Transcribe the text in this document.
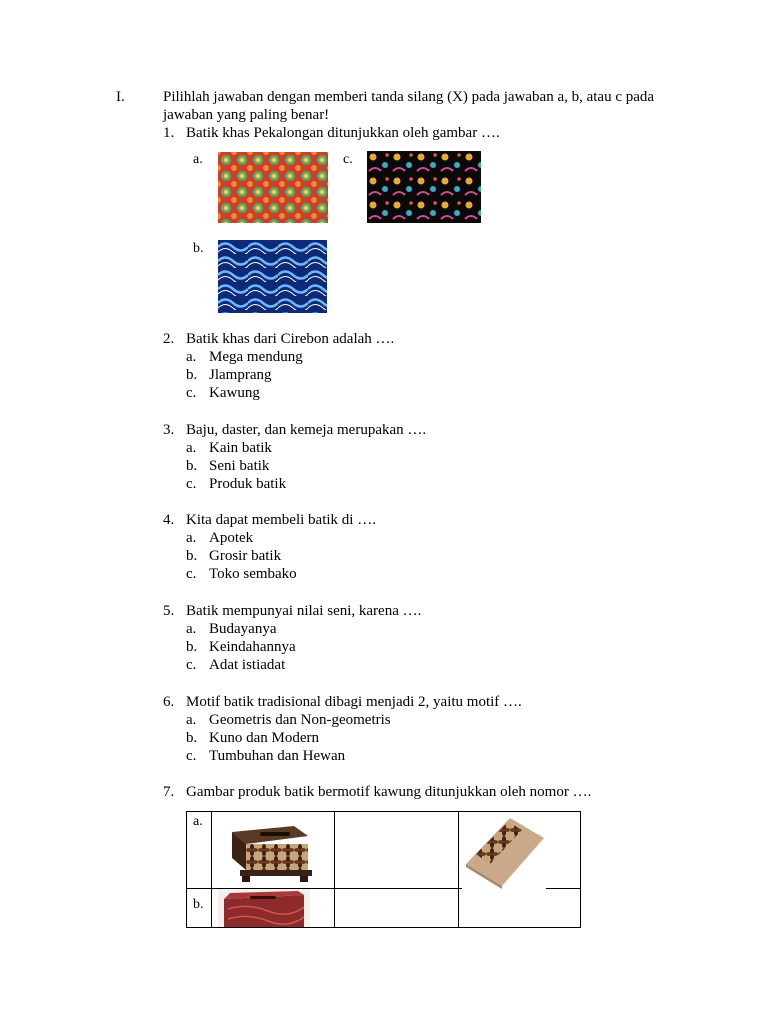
I.	Pilihlah jawaban dengan memberi tanda silang (X) pada jawaban a, b, atau c pada jawaban yang paling benar!
1. Batik khas Pekalongan ditunjukkan oleh gambar ….
a.	c.
b.
2. Batik khas dari Cirebon adalah ….
a. Mega mendung
b. Jlamprang
c. Kawung
3. Baju, daster, dan kemeja merupakan ….
a. Kain batik
b. Seni batik
c. Produk batik
4. Kita dapat membeli batik di ….
a. Apotek
b. Grosir batik
c. Toko sembako
5. Batik mempunyai nilai seni, karena ….
a. Budayanya
b. Keindahannya
c. Adat istiadat
6. Motif batik tradisional dibagi menjadi 2, yaitu motif ….
a. Geometris dan Non-geometris
b. Kuno dan Modern
c. Tumbuhan dan Hewan
7. Gambar produk batik bermotif kawung ditunjukkan oleh nomor ….
a.

b.
